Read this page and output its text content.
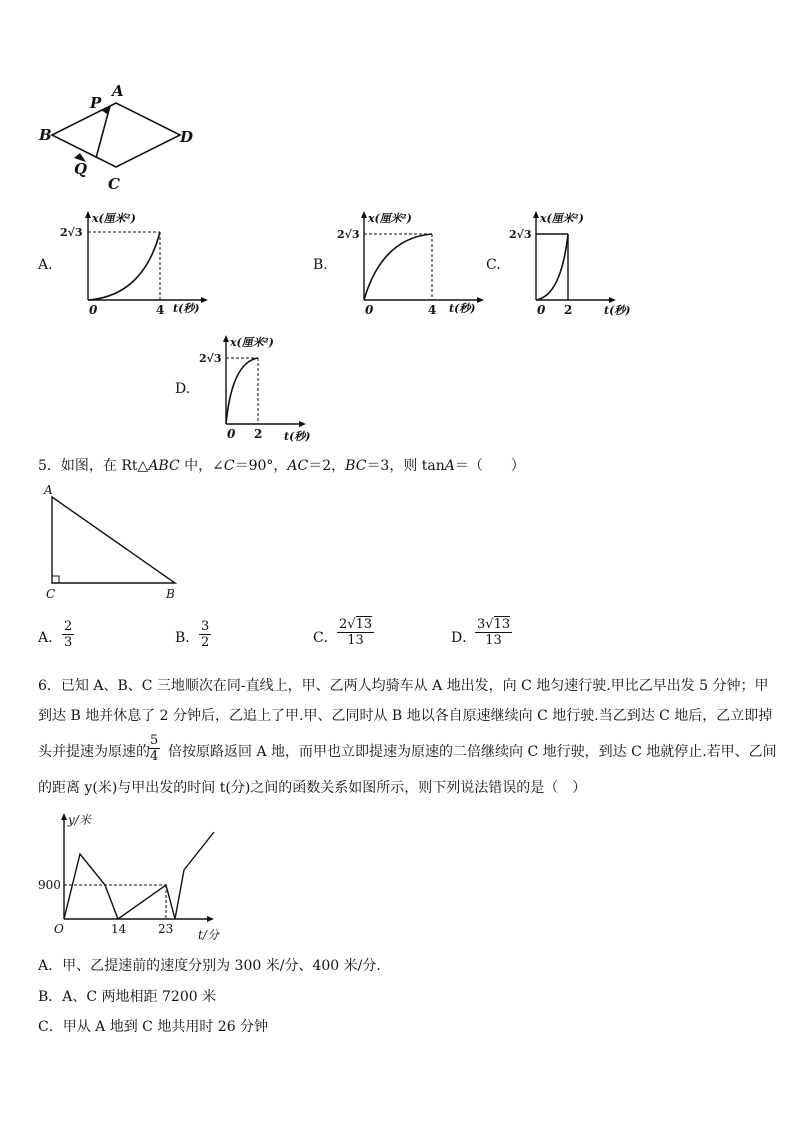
P
A
B	D
Q
C
A.
x(厘米²)
2√3
0	4 t(秒)
B.
x(厘米²)
2√3
0	4 t(秒)
C.
x(厘米²)
2√3
0 2	t(秒)
D.
x(厘米²)
2√3
0 2 t(秒)
5．如图，在 Rt△ABC 中，∠C＝90°，AC＝2，BC＝3，则 tanA＝（　　）
A
C	B
A． $\frac{2}{3}$	B． $\frac{3}{2}$	C． $\frac{2√13}{13}$	D．
$\frac{3√13}{13}$
6．已知 A、B、C 三地顺次在同-直线上，甲、乙两人均骑车从 A 地出发，向 C 地匀速行驶.甲比乙早出发 5 分钟；甲
到达 B 地并休息了 2 分钟后，乙追上了甲.甲、乙同时从 B 地以各自原速继续向 C 地行驶.当乙到达 C 地后，乙立即掉
头并提速为原速的
$\frac{5}{4}$ 倍按原路返回 A 地，而甲也立即提速为原速的二倍继续向 C 地行驶，到达 C 地就停止.若甲、乙间
的距离 y(米)与甲出发的时间 t(分)之间的函数关系如图所示，则下列说法错误的是（　）
y/米
900
O	14	23 t/分
A．甲、乙提速前的速度分别为 300 米/分、400 米/分.
B．A、C 两地相距 7200 米
C．甲从 A 地到 C 地共用时 26 分钟
